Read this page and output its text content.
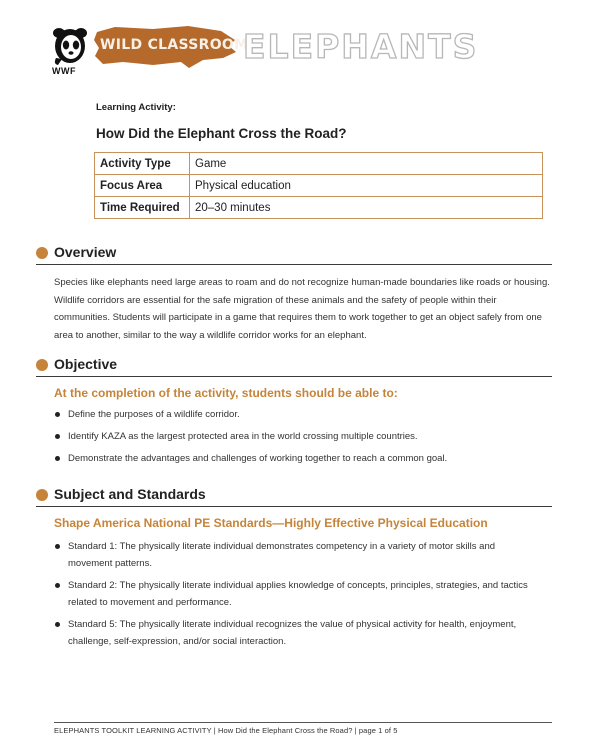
WWF
WILD CLASSROOM
ELEPHANTS
Learning Activity:
How Did the Elephant Cross the Road?
Activity Type	Game
Focus Area	Physical education
Time Required	20–30 minutes
Overview
Species like elephants need large areas to roam and do not recognize human-made boundaries like roads or housing. Wildlife corridors are essential for the safe migration of these animals and the safety of people within their communities. Students will participate in a game that requires them to work together to get an object safely from one area to another, similar to the way a wildlife corridor works for an elephant.
Objective
At the completion of the activity, students should be able to:
Define the purposes of a wildlife corridor.
Identify KAZA as the largest protected area in the world crossing multiple countries.
Demonstrate the advantages and challenges of working together to reach a common goal.
Subject and Standards
Shape America National PE Standards—Highly Effective Physical Education
Standard 1: The physically literate individual demonstrates competency in a variety of motor skills and movement patterns.
Standard 2: The physically literate individual applies knowledge of concepts, principles, strategies, and tactics related to movement and performance.
Standard 5: The physically literate individual recognizes the value of physical activity for health, enjoyment, challenge, self-expression, and/or social interaction.
ELEPHANTS TOOLKIT LEARNING ACTIVITY | How Did the Elephant Cross the Road? | page 1 of 5
